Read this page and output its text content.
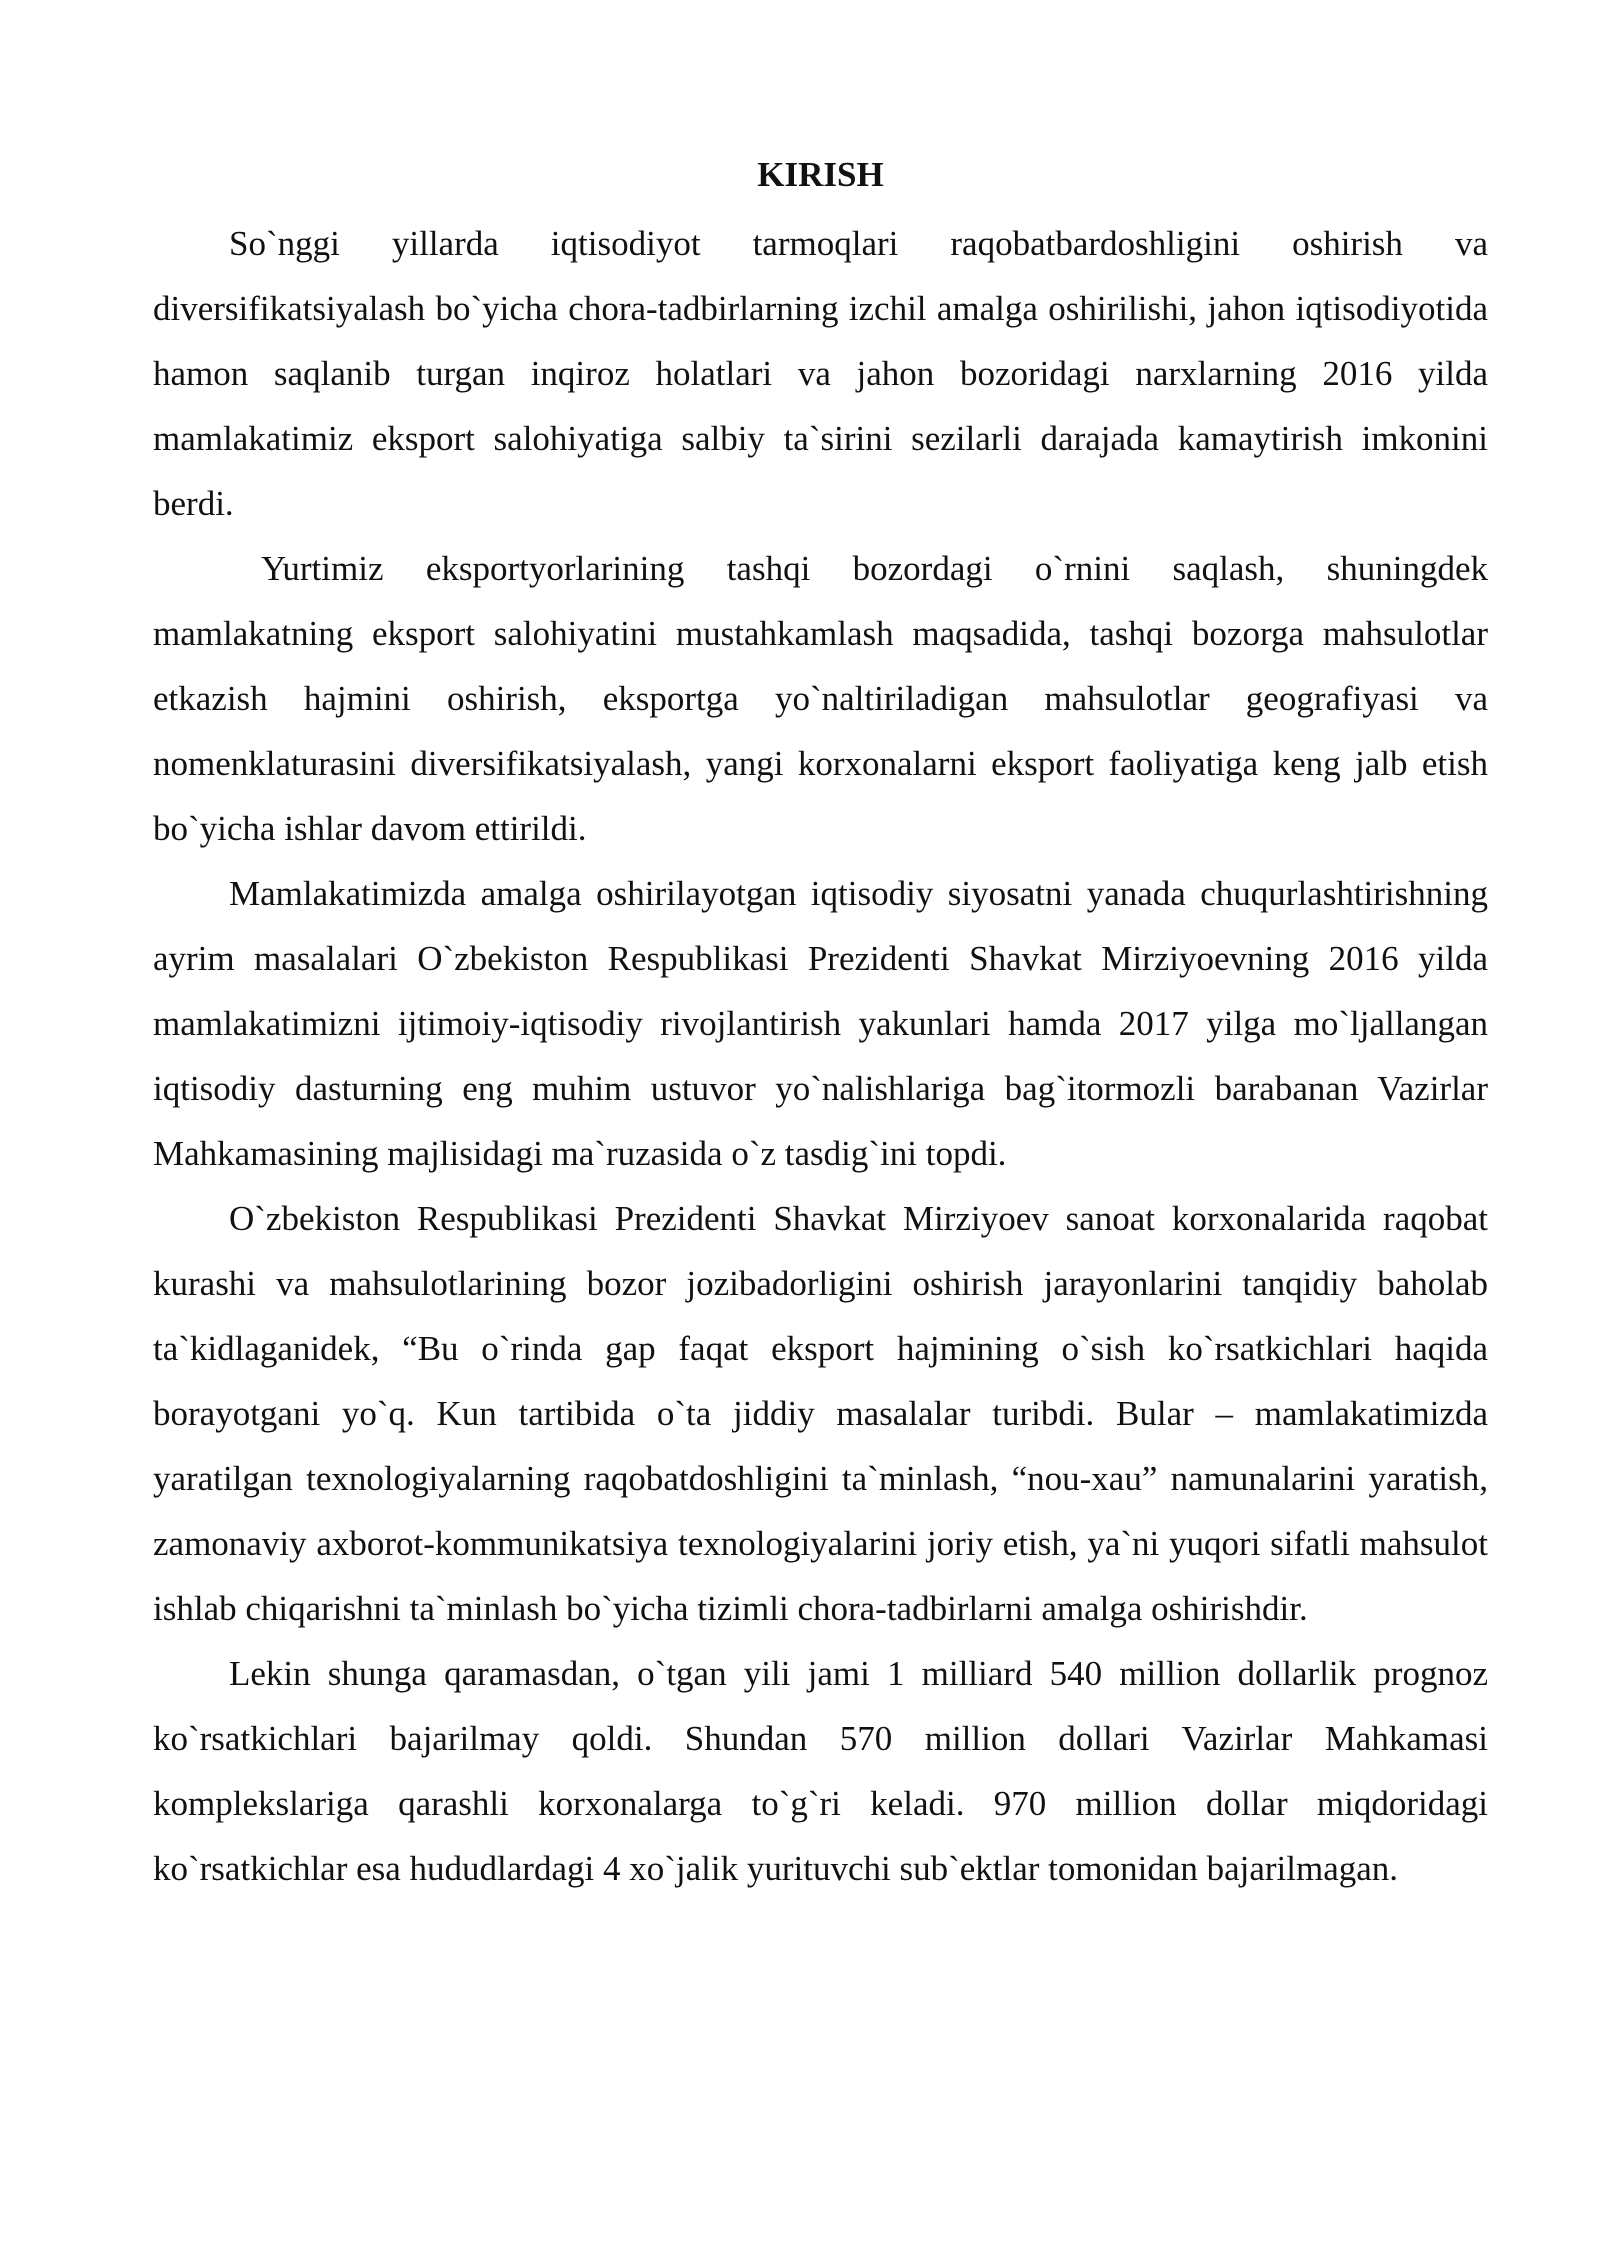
KIRISH

So`nggi yillarda iqtisodiyot tarmoqlari raqobatbardoshligini oshirish va diversifikatsiyalash bo`yicha chora-tadbirlarning izchil amalga oshirilishi, jahon iqtisodiyotida hamon saqlanib turgan inqiroz holatlari va jahon bozoridagi narxlarning 2016 yilda mamlakatimiz eksport salohiyatiga salbiy ta`sirini sezilarli darajada kamaytirish imkonini berdi.

Yurtimiz eksportyorlarining tashqi bozordagi o`rnini saqlash, shuningdek mamlakatning eksport salohiyatini mustahkamlash maqsadida, tashqi bozorga mahsulotlar etkazish hajmini oshirish, eksportga yo`naltiriladigan mahsulotlar geografiyasi va nomenklaturasini diversifikatsiyalash, yangi korxonalarni eksport faoliyatiga keng jalb etish bo`yicha ishlar davom ettirildi.

Mamlakatimizda amalga oshirilayotgan iqtisodiy siyosatni yanada chuqurlashtirishning ayrim masalalari O`zbekiston Respublikasi Prezidenti Shavkat Mirziyoevning 2016 yilda mamlakatimizni ijtimoiy-iqtisodiy rivojlantirish yakunlari hamda 2017 yilga mo`ljallangan iqtisodiy dasturning eng muhim ustuvor yo`nalishlariga bag`itormozli barabanan Vazirlar Mahkamasining majlisidagi ma`ruzasida o`z tasdig`ini topdi.

O`zbekiston Respublikasi Prezidenti Shavkat Mirziyoev sanoat korxonalarida raqobat kurashi va mahsulotlarining bozor jozibadorligini oshirish jarayonlarini tanqidiy baholab ta`kidlaganidek, “Bu o`rinda gap faqat eksport hajmining o`sish ko`rsatkichlari haqida borayotgani yo`q. Kun tartibida o`ta jiddiy masalalar turibdi. Bular – mamlakatimizda yaratilgan texnologiyalarning raqobatdoshligini ta`minlash, “nou-xau” namunalarini yaratish, zamonaviy axborot-kommunikatsiya texnologiyalarini joriy etish, ya`ni yuqori sifatli mahsulot ishlab chiqarishni ta`minlash bo`yicha tizimli chora-tadbirlarni amalga oshirishdir.

Lekin shunga qaramasdan, o`tgan yili jami 1 milliard 540 million dollarlik prognoz ko`rsatkichlari bajarilmay qoldi. Shundan 570 million dollari Vazirlar Mahkamasi komplekslariga qarashli korxonalarga to`g`ri keladi. 970 million dollar miqdoridagi ko`rsatkichlar esa hududlardagi 4 xo`jalik yurituvchi sub`ektlar tomonidan bajarilmagan.
